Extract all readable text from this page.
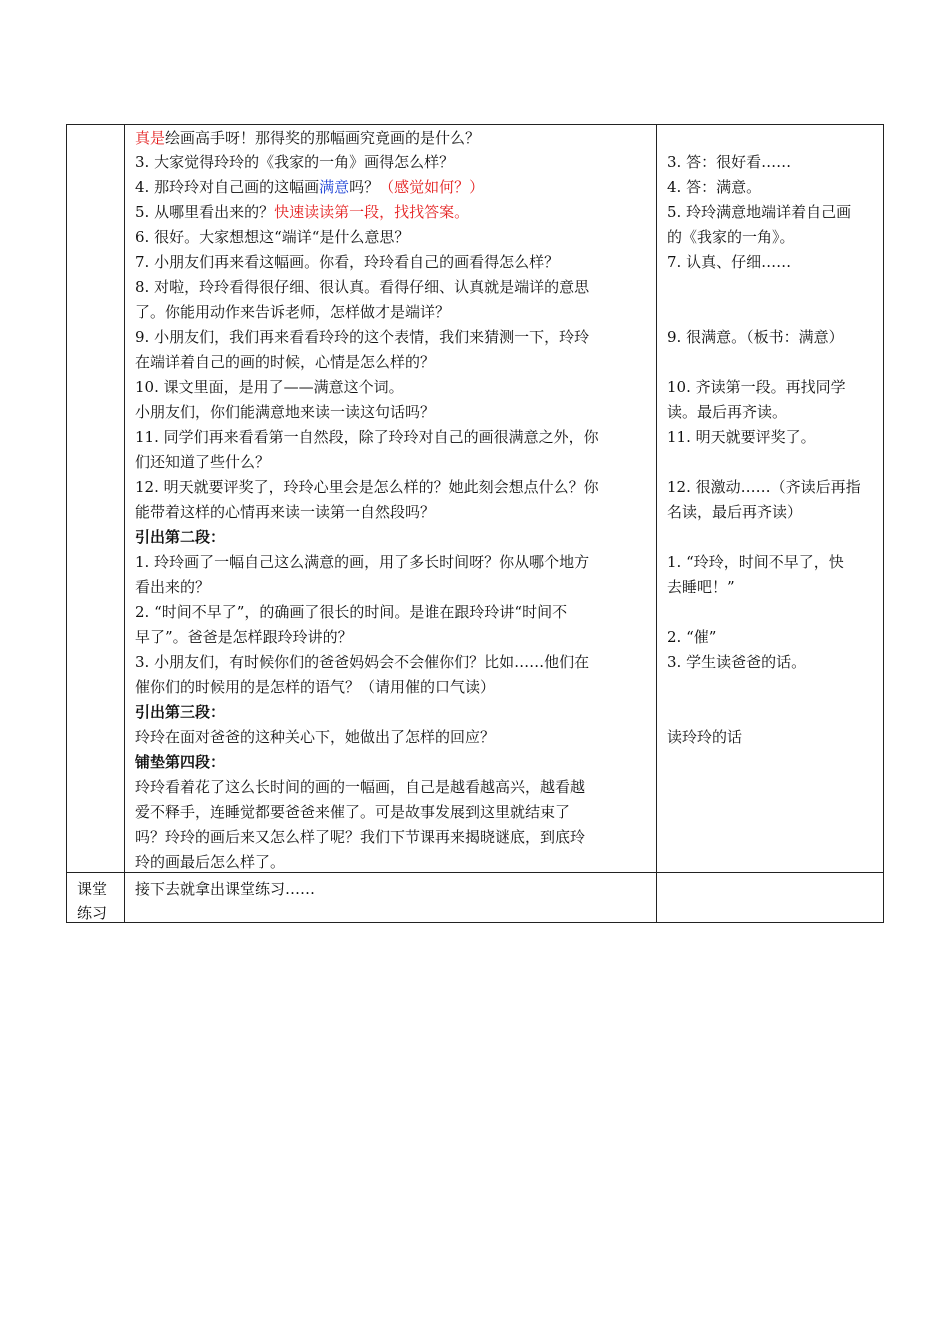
真是绘画高手呀！那得奖的那幅画究竟画的是什么？
3. 大家觉得玲玲的《我家的一角》画得怎么样？
4. 那玲玲对自己画的这幅画满意吗？（感觉如何？）
5. 从哪里看出来的？快速读读第一段，找找答案。
6. 很好。大家想想这“端详“是什么意思？
7. 小朋友们再来看这幅画。你看，玲玲看自己的画看得怎么样？
8. 对啦，玲玲看得很仔细、很认真。看得仔细、认真就是端详的意思
了。你能用动作来告诉老师，怎样做才是端详？
9. 小朋友们，我们再来看看玲玲的这个表情，我们来猜测一下，玲玲
在端详着自己的画的时候，心情是怎么样的？
10. 课文里面，是用了——满意这个词。
小朋友们，你们能满意地来读一读这句话吗？
11. 同学们再来看看第一自然段，除了玲玲对自己的画很满意之外，你
们还知道了些什么？
12. 明天就要评奖了，玲玲心里会是怎么样的？她此刻会想点什么？你
能带着这样的心情再来读一读第一自然段吗？
引出第二段：
1. 玲玲画了一幅自己这么满意的画，用了多长时间呀？你从哪个地方
看出来的？
2. “时间不早了”，的确画了很长的时间。是谁在跟玲玲讲“时间不
早了”。爸爸是怎样跟玲玲讲的？
3. 小朋友们，有时候你们的爸爸妈妈会不会催你们？比如……他们在
催你们的时候用的是怎样的语气？（请用催的口气读）
引出第三段：
玲玲在面对爸爸的这种关心下，她做出了怎样的回应？
铺垫第四段：
玲玲看着花了这么长时间的画的一幅画，自己是越看越高兴，越看越
爱不释手，连睡觉都要爸爸来催了。可是故事发展到这里就结束了
吗？玲玲的画后来又怎么样了呢？我们下节课再来揭晓谜底，到底玲
玲的画最后怎么样了。
3. 答：很好看……
4. 答：满意。
5. 玲玲满意地端详着自己画
的《我家的一角》。
7. 认真、仔细……
9. 很满意。（板书：满意）
10. 齐读第一段。再找同学
读。最后再齐读。
11. 明天就要评奖了。
12. 很激动……（齐读后再指
名读，最后再齐读）
1. “玲玲，时间不早了，快
去睡吧！”
2. “催”
3. 学生读爸爸的话。
读玲玲的话
课堂
练习
接下去就拿出课堂练习……
